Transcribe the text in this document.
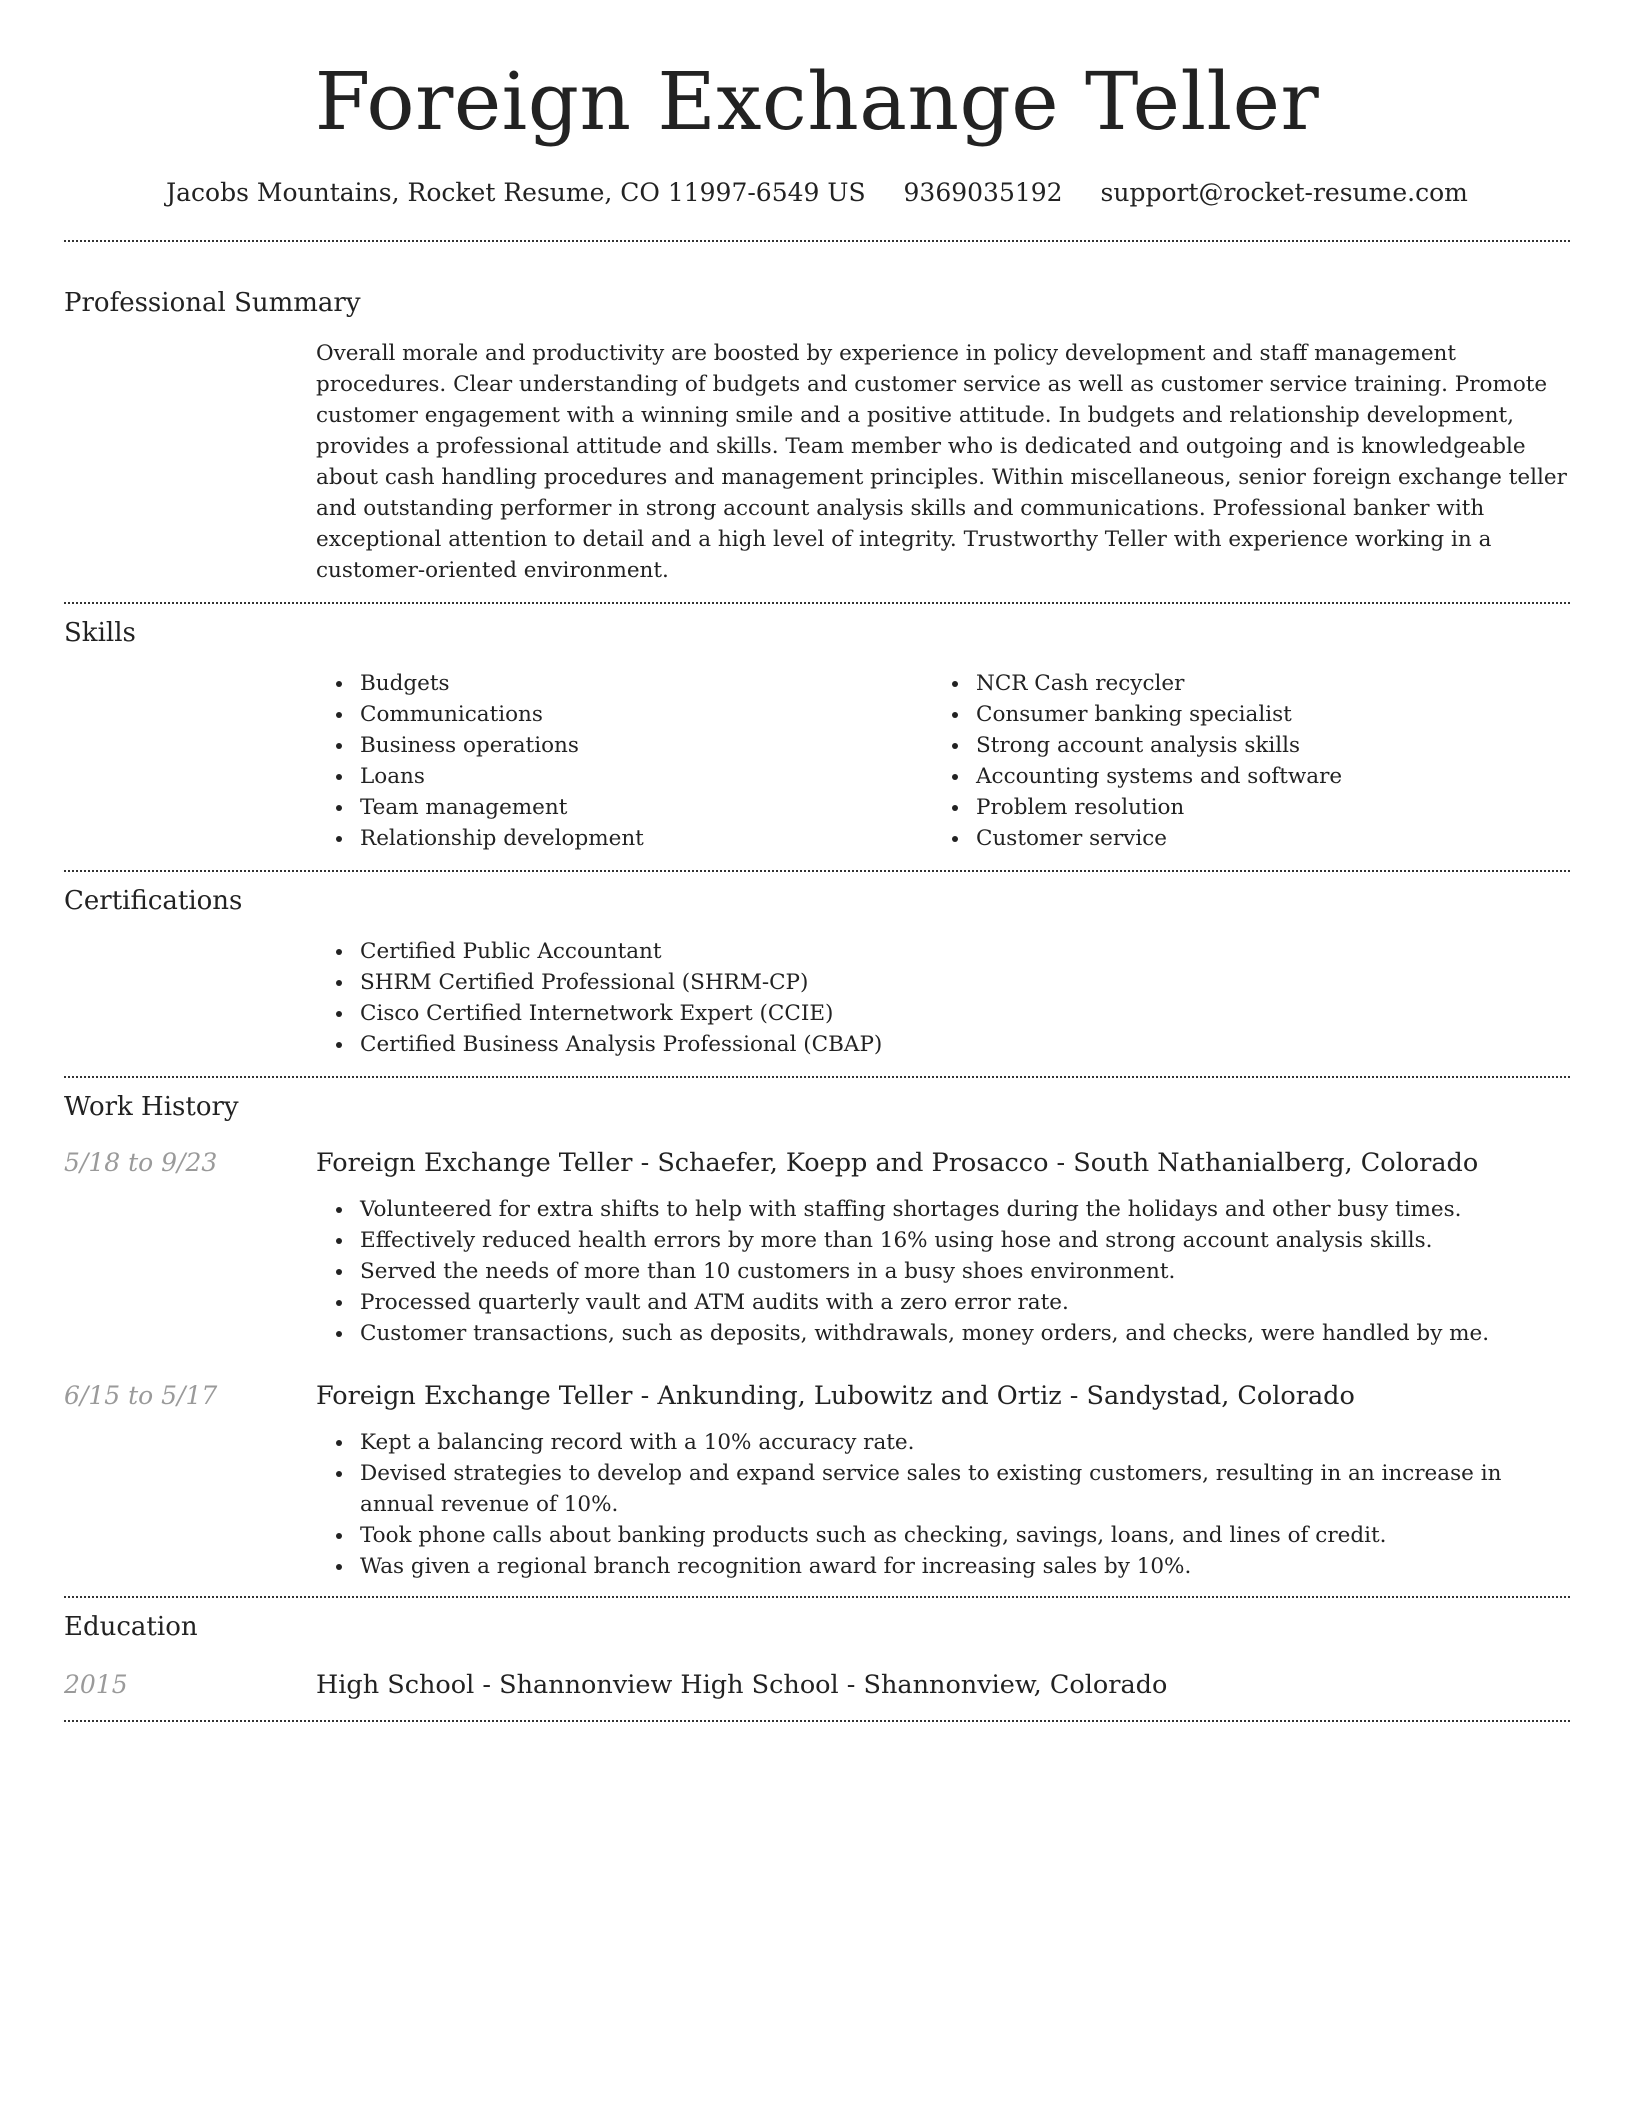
Foreign Exchange Teller
Jacobs Mountains, Rocket Resume, CO 11997-6549 US 9369035192 support@rocket-resume.com
Professional Summary
Overall morale and productivity are boosted by experience in policy development and staff management procedures. Clear understanding of budgets and customer service as well as customer service training. Promote customer engagement with a winning smile and a positive attitude. In budgets and relationship development, provides a professional attitude and skills. Team member who is dedicated and outgoing and is knowledgeable about cash handling procedures and management principles. Within miscellaneous, senior foreign exchange teller and outstanding performer in strong account analysis skills and communications. Professional banker with exceptional attention to detail and a high level of integrity. Trustworthy Teller with experience working in a customer-oriented environment.
Skills
Budgets
Communications
Business operations
Loans
Team management
Relationship development
NCR Cash recycler
Consumer banking specialist
Strong account analysis skills
Accounting systems and software
Problem resolution
Customer service
Certifications
Certified Public Accountant
SHRM Certified Professional (SHRM-CP)
Cisco Certified Internetwork Expert (CCIE)
Certified Business Analysis Professional (CBAP)
Work History
5/18 to 9/23	Foreign Exchange Teller - Schaefer, Koepp and Prosacco - South Nathanialberg, Colorado
Volunteered for extra shifts to help with staffing shortages during the holidays and other busy times.
Effectively reduced health errors by more than 16% using hose and strong account analysis skills.
Served the needs of more than 10 customers in a busy shoes environment.
Processed quarterly vault and ATM audits with a zero error rate.
Customer transactions, such as deposits, withdrawals, money orders, and checks, were handled by me.
6/15 to 5/17	Foreign Exchange Teller - Ankunding, Lubowitz and Ortiz - Sandystad, Colorado
Kept a balancing record with a 10% accuracy rate.
Devised strategies to develop and expand service sales to existing customers, resulting in an increase in annual revenue of 10%.
Took phone calls about banking products such as checking, savings, loans, and lines of credit.
Was given a regional branch recognition award for increasing sales by 10%.
Education
2015	High School - Shannonview High School - Shannonview, Colorado
